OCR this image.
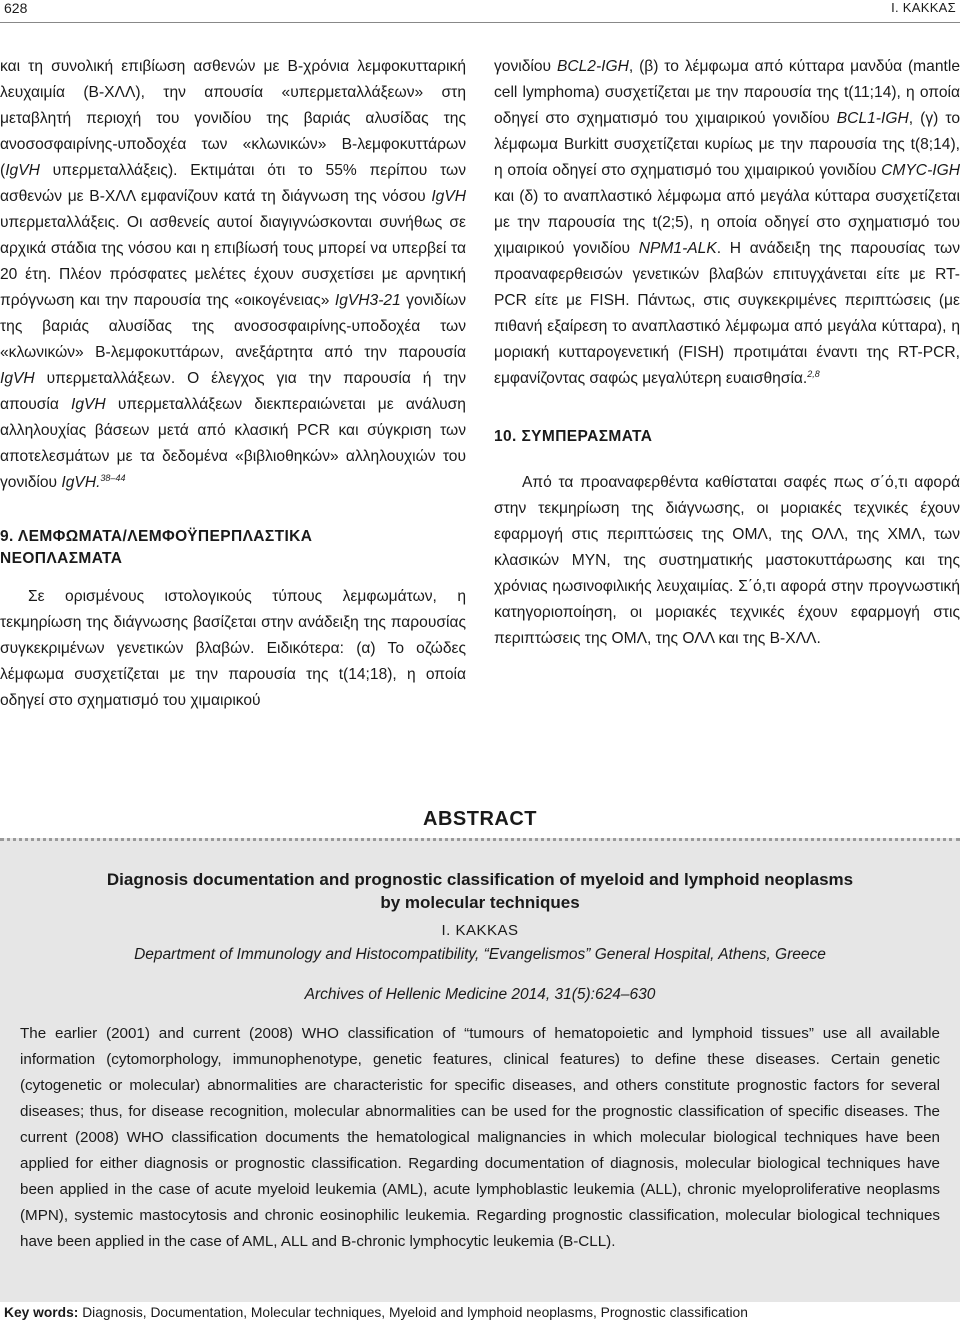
628	Ι. ΚΑΚΚΑΣ

και τη συνολική επιβίωση ασθενών με Β-χρόνια λεμφοκυτταρική λευχαιμία (Β-ΧΛΛ), την απουσία «υπερμεταλλάξεων» στη μεταβλητή περιοχή του γονιδίου της βαριάς αλυσίδας της ανοσοσφαιρίνης-υποδοχέα των «κλωνικών» Β-λεμφοκυττάρων (IgVH υπερμεταλλάξεις). Εκτιμάται ότι το 55% περίπου των ασθενών με Β-ΧΛΛ εμφανίζουν κατά τη διάγνωση της νόσου IgVH υπερμεταλλάξεις. Οι ασθενείς αυτοί διαγιγνώσκονται συνήθως σε αρχικά στάδια της νόσου και η επιβίωσή τους μπορεί να υπερβεί τα 20 έτη. Πλέον πρόσφατες μελέτες έχουν συσχετίσει με αρνητική πρόγνωση και την παρουσία της «οικογένειας» IgVH3-21 γονιδίων της βαριάς αλυσίδας της ανοσοσφαιρίνης-υποδοχέα των «κλωνικών» Β-λεμφοκυττάρων, ανεξάρτητα από την παρουσία IgVH υπερμεταλλάξεων. Ο έλεγχος για την παρουσία ή την απουσία IgVH υπερμεταλλάξεων διεκπεραιώνεται με ανάλυση αλληλουχίας βάσεων μετά από κλασική PCR και σύγκριση των αποτελεσμάτων με τα δεδομένα «βιβλιοθηκών» αλληλουχιών του γονιδίου IgVH.$^{38-44}$

9. ΛΕΜΦΩΜΑΤΑ/ΛΕΜΦΟΫΠΕΡΠΛΑΣΤΙΚΑ
ΝΕΟΠΛΑΣΜΑΤΑ

Σε ορισμένους ιστολογικούς τύπους λεμφωμάτων, η τεκμηρίωση της διάγνωσης βασίζεται στην ανάδειξη της παρουσίας συγκεκριμένων γενετικών βλαβών. Ειδικότερα: (α) Το οζώδες λέμφωμα συσχετίζεται με την παρουσία της t(14;18), η οποία οδηγεί στο σχηματισμό του χιμαιρικού

γονιδίου BCL2-IGH, (β) το λέμφωμα από κύτταρα μανδύα (mantle cell lymphoma) συσχετίζεται με την παρουσία της t(11;14), η οποία οδηγεί στο σχηματισμό του χιμαιρικού γονιδίου BCL1-IGH, (γ) το λέμφωμα Burkitt συσχετίζεται κυρίως με την παρουσία της t(8;14), η οποία οδηγεί στο σχηματισμό του χιμαιρικού γονιδίου CMYC-IGH και (δ) το αναπλαστικό λέμφωμα από μεγάλα κύτταρα συσχετίζεται με την παρουσία της t(2;5), η οποία οδηγεί στο σχηματισμό του χιμαιρικού γονιδίου NPM1-ALK. Η ανάδειξη της παρουσίας των προαναφερθεισών γενετικών βλαβών επιτυγχάνεται είτε με RT-PCR είτε με FISH. Πάντως, στις συγκεκριμένες περιπτώσεις (με πιθανή εξαίρεση το αναπλαστικό λέμφωμα από μεγάλα κύτταρα), η μοριακή κυτταρογενετική (FISH) προτιμάται έναντι της RT-PCR, εμφανίζοντας σαφώς μεγαλύτερη ευαισθησία.$^{2,8}$

10. ΣΥΜΠΕΡΑΣΜΑΤΑ

Από τα προαναφερθέντα καθίσταται σαφές πως σ΄ό,τι αφορά στην τεκμηρίωση της διάγνωσης, οι μοριακές τεχνικές έχουν εφαρμογή στις περιπτώσεις της ΟΜΛ, της ΟΛΛ, της ΧΜΛ, των κλασικών ΜΥΝ, της συστηματικής μαστοκυττάρωσης και της χρόνιας ηωσινοφιλικής λευχαιμίας. Σ΄ό,τι αφορά στην προγνωστική κατηγοριοποίηση, οι μοριακές τεχνικές έχουν εφαρμογή στις περιπτώσεις της ΟΜΛ, της ΟΛΛ και της Β-ΧΛΛ.

ABSTRACT
Diagnosis documentation and prognostic classification of myeloid and lymphoid neoplasms
by molecular techniques
I. KAKKAS
Department of Immunology and Histocompatibility, “Evangelismos” General Hospital, Athens, Greece
Archives of Hellenic Medicine 2014, 31(5):624–630

The earlier (2001) and current (2008) WHO classification of “tumours of hematopoietic and lymphoid tissues” use all available information (cytomorphology, immunophenotype, genetic features, clinical features) to define these diseases. Certain genetic (cytogenetic or molecular) abnormalities are characteristic for specific diseases, and others constitute prognostic factors for several diseases; thus, for disease recognition, molecular abnormalities can be used for the prognostic classification of specific diseases. The current (2008) WHO classification documents the hematological malignancies in which molecular biological techniques have been applied for either diagnosis or prognostic classification. Regarding documentation of diagnosis, molecular biological techniques have been applied in the case of acute myeloid leukemia (AML), acute lymphoblastic leukemia (ALL), chronic myeloproliferative neoplasms (MPN), systemic mastocytosis and chronic eosinophilic leukemia. Regarding prognostic classification, molecular biological techniques have been applied in the case of AML, ALL and B-chronic lymphocytic leukemia (B-CLL).

Key words: Diagnosis, Documentation, Molecular techniques, Myeloid and lymphoid neoplasms, Prognostic classification
